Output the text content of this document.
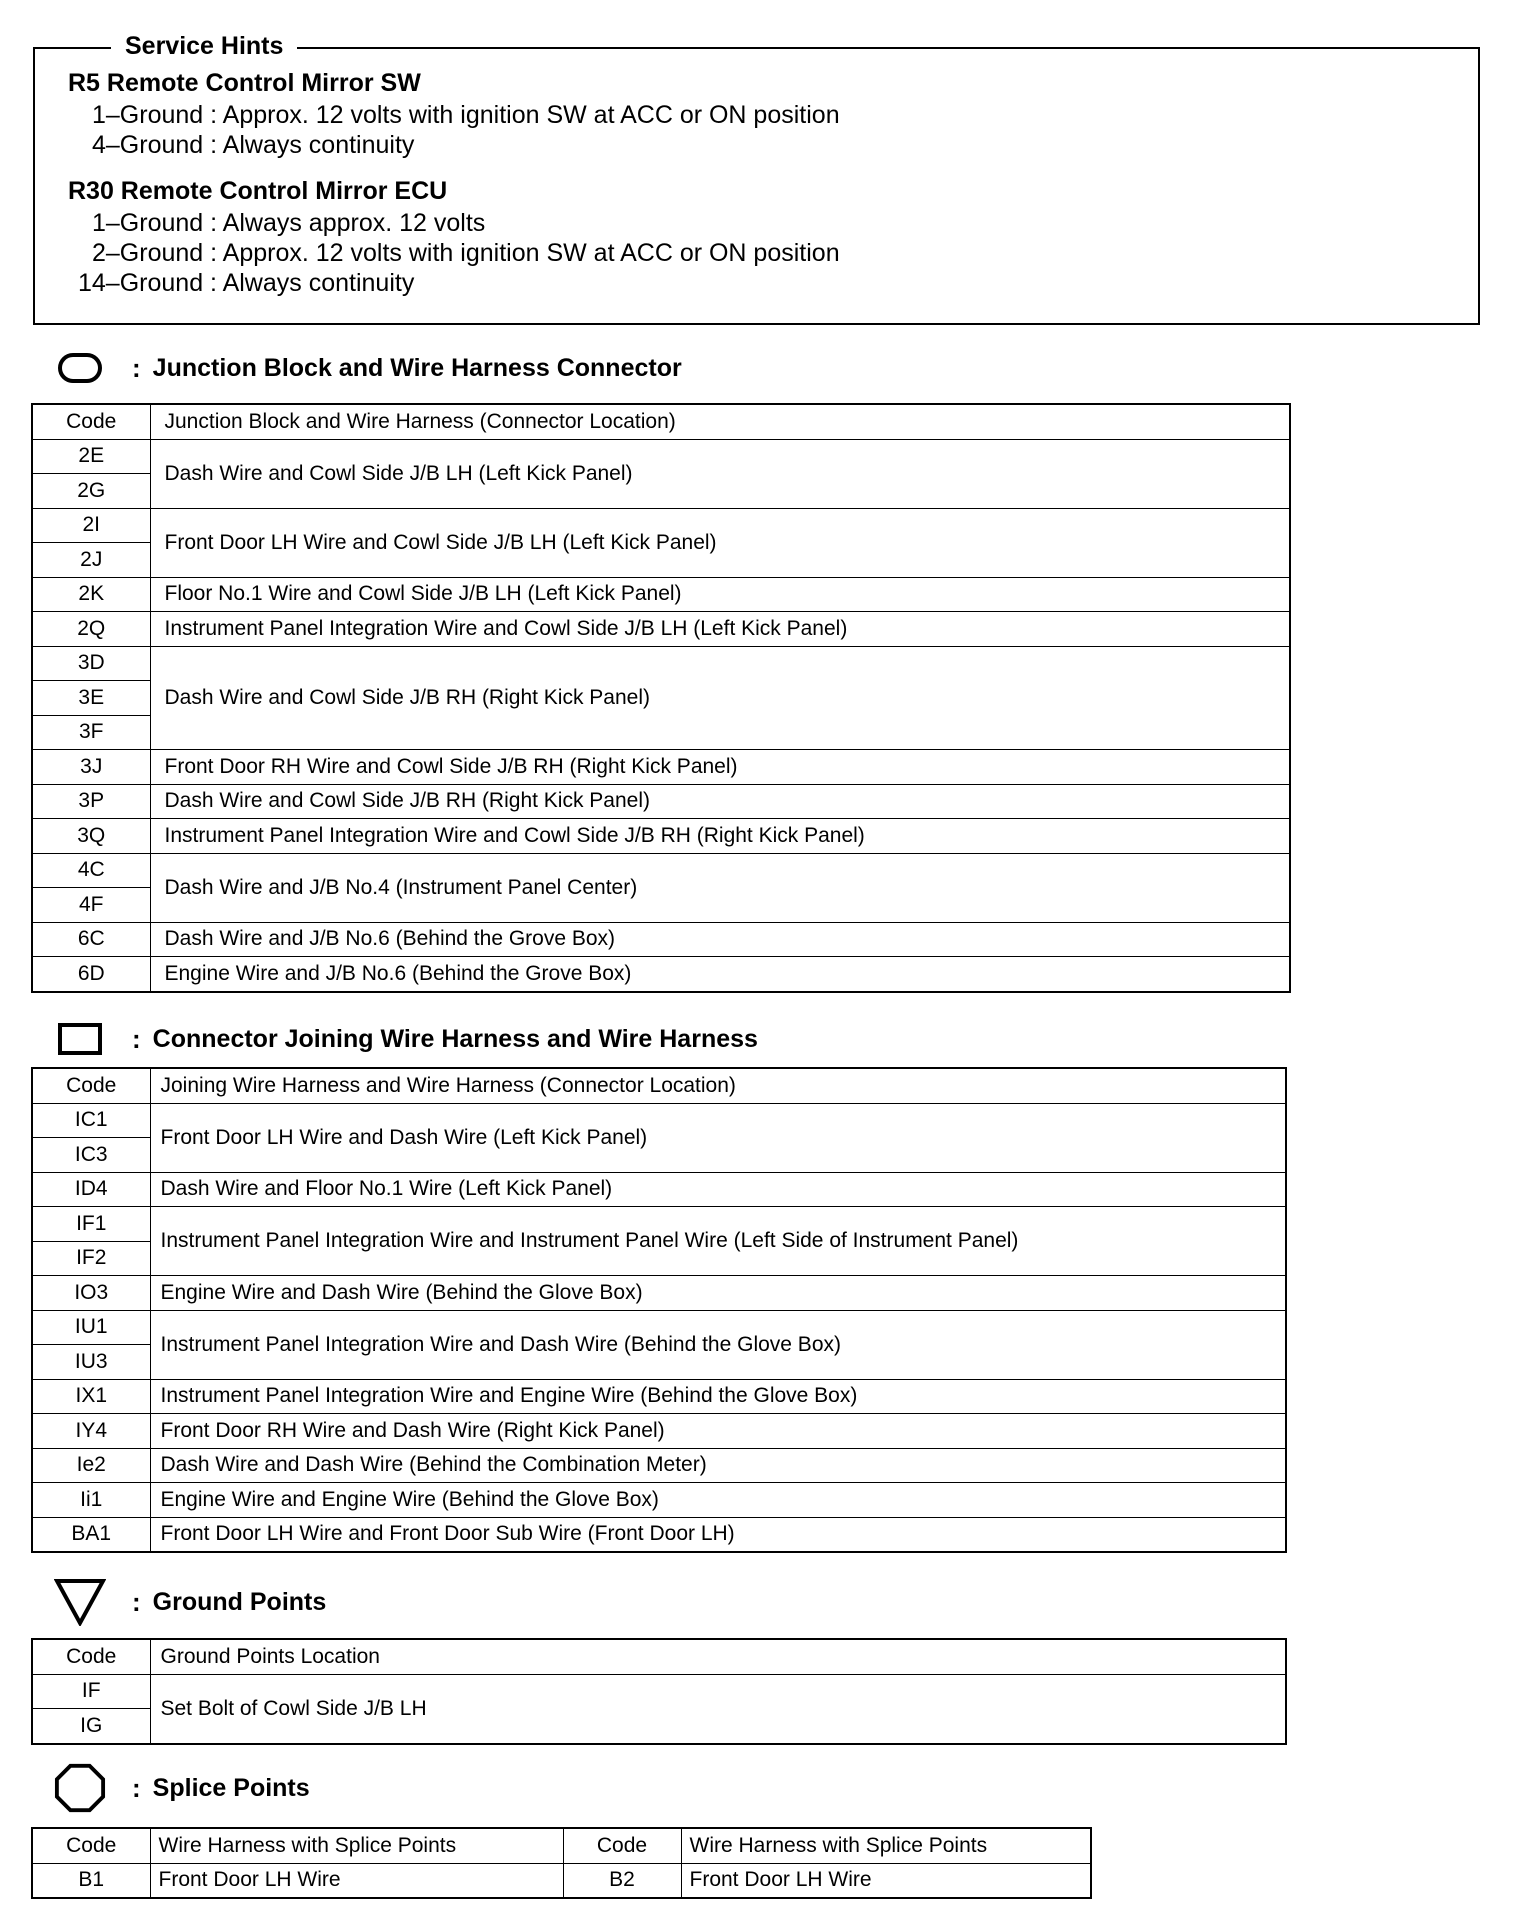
Service Hints
R5 Remote Control Mirror SW
1–Ground : Approx. 12 volts with ignition SW at ACC or ON position
4–Ground : Always continuity
R30 Remote Control Mirror ECU
1–Ground : Always approx. 12 volts
2–Ground : Approx. 12 volts with ignition SW at ACC or ON position
14–Ground : Always continuity
: Junction Block and Wire Harness Connector
Code	Junction Block and Wire Harness (Connector Location)
2E	Dash Wire and Cowl Side J/B LH (Left Kick Panel)
2G	
2I	Front Door LH Wire and Cowl Side J/B LH (Left Kick Panel)
2J	
2K	Floor No.1 Wire and Cowl Side J/B LH (Left Kick Panel)
2Q	Instrument Panel Integration Wire and Cowl Side J/B LH (Left Kick Panel)
3D	Dash Wire and Cowl Side J/B RH (Right Kick Panel)
3E	
3F	
3J	Front Door RH Wire and Cowl Side J/B RH (Right Kick Panel)
3P	Dash Wire and Cowl Side J/B RH (Right Kick Panel)
3Q	Instrument Panel Integration Wire and Cowl Side J/B RH (Right Kick Panel)
4C	Dash Wire and J/B No.4 (Instrument Panel Center)
4F	
6C	Dash Wire and J/B No.6 (Behind the Grove Box)
6D	Engine Wire and J/B No.6 (Behind the Grove Box)
: Connector Joining Wire Harness and Wire Harness
Code	Joining Wire Harness and Wire Harness (Connector Location)
IC1	Front Door LH Wire and Dash Wire (Left Kick Panel)
IC3	
ID4	Dash Wire and Floor No.1 Wire (Left Kick Panel)
IF1	Instrument Panel Integration Wire and Instrument Panel Wire (Left Side of Instrument Panel)
IF2	
IO3	Engine Wire and Dash Wire (Behind the Glove Box)
IU1	Instrument Panel Integration Wire and Dash Wire (Behind the Glove Box)
IU3	
IX1	Instrument Panel Integration Wire and Engine Wire (Behind the Glove Box)
IY4	Front Door RH Wire and Dash Wire (Right Kick Panel)
Ie2	Dash Wire and Dash Wire (Behind the Combination Meter)
Ii1	Engine Wire and Engine Wire (Behind the Glove Box)
BA1	Front Door LH Wire and Front Door Sub Wire (Front Door LH)
: Ground Points
Code	Ground Points Location
IF	Set Bolt of Cowl Side J/B LH
IG	
: Splice Points
Code	Wire Harness with Splice Points	Code	Wire Harness with Splice Points
B1	Front Door LH Wire	B2	Front Door LH Wire
